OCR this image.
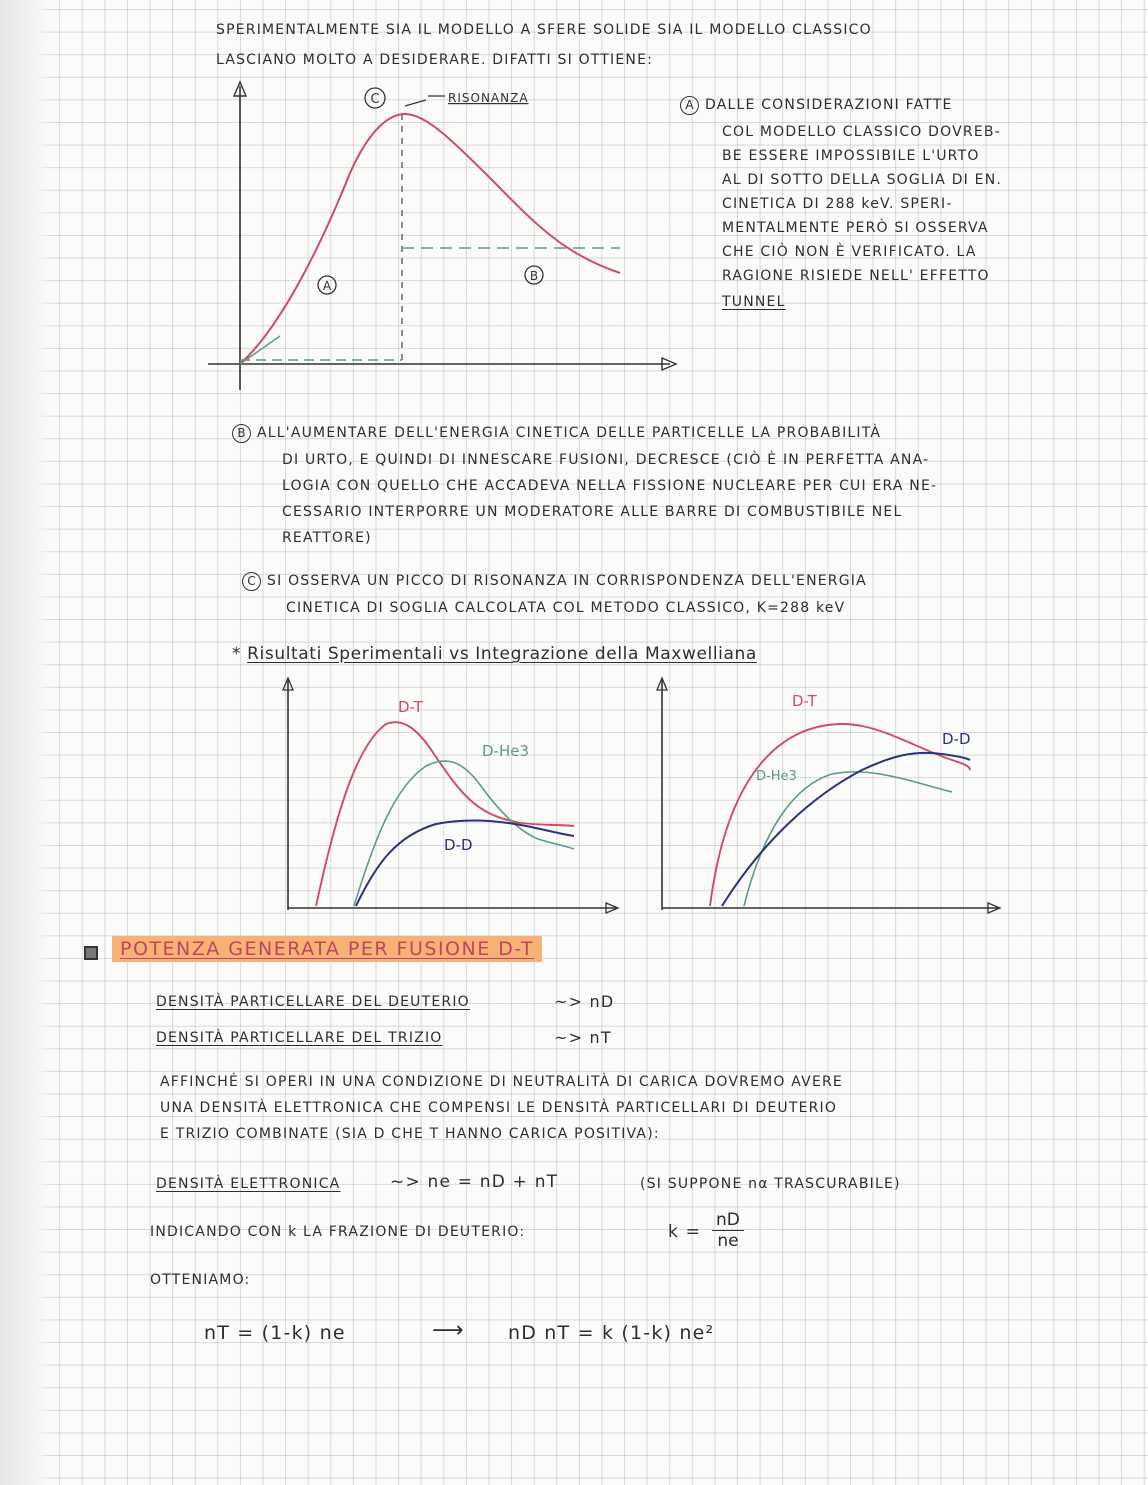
SPERIMENTALMENTE SIA IL MODELLO A SFERE SOLIDE SIA IL MODELLO CLASSICO
LASCIANO MOLTO A DESIDERARE. DIFATTI SI OTTIENE:
C	RISONANZA
A
B
A DALLE CONSIDERAZIONI FATTE
COL MODELLO CLASSICO DOVREB-
BE ESSERE IMPOSSIBILE L'URTO
AL DI SOTTO DELLA SOGLIA DI EN.
CINETICA DI 288 keV. SPERI-
MENTALMENTE PERÒ SI OSSERVA
CHE CIÒ NON È VERIFICATO. LA
RAGIONE RISIEDE NELL' EFFETTO
TUNNEL
B ALL'AUMENTARE DELL'ENERGIA CINETICA DELLE PARTICELLE LA PROBABILITÀ
DI URTO, E QUINDI DI INNESCARE FUSIONI, DECRESCE (CIÒ È IN PERFETTA ANA-
LOGIA CON QUELLO CHE ACCADEVA NELLA FISSIONE NUCLEARE PER CUI ERA NE-
CESSARIO INTERPORRE UN MODERATORE ALLE BARRE DI COMBUSTIBILE NEL
REATTORE)
C SI OSSERVA UN PICCO DI RISONANZA IN CORRISPONDENZA DELL'ENERGIA
CINETICA DI SOGLIA CALCOLATA COL METODO CLASSICO, K=288 keV
* Risultati Sperimentali vs Integrazione della Maxwelliana
D-T
D-He3
D-D
D-T
D-He3
D-D
POTENZA GENERATA PER FUSIONE D-T
DENSITÀ PARTICELLARE DEL DEUTERIO	~> nD
DENSITÀ PARTICELLARE DEL TRIZIO	~> nT
AFFINCHÉ SI OPERI IN UNA CONDIZIONE DI NEUTRALITÀ DI CARICA DOVREMO AVERE
UNA DENSITÀ ELETTRONICA CHE COMPENSI LE DENSITÀ PARTICELLARI DI DEUTERIO
E TRIZIO COMBINATE (SIA D CHE T HANNO CARICA POSITIVA):
DENSITÀ ELETTRONICA	~> ne = nD + nT	(SI SUPPONE nα TRASCURABILE)
INDICANDO CON k LA FRAZIONE DI DEUTERIO:	$k = \frac{nD}{ne}$
OTTENIAMO:
nT = (1-k) ne	⟶ nD nT = k (1-k) ne²
